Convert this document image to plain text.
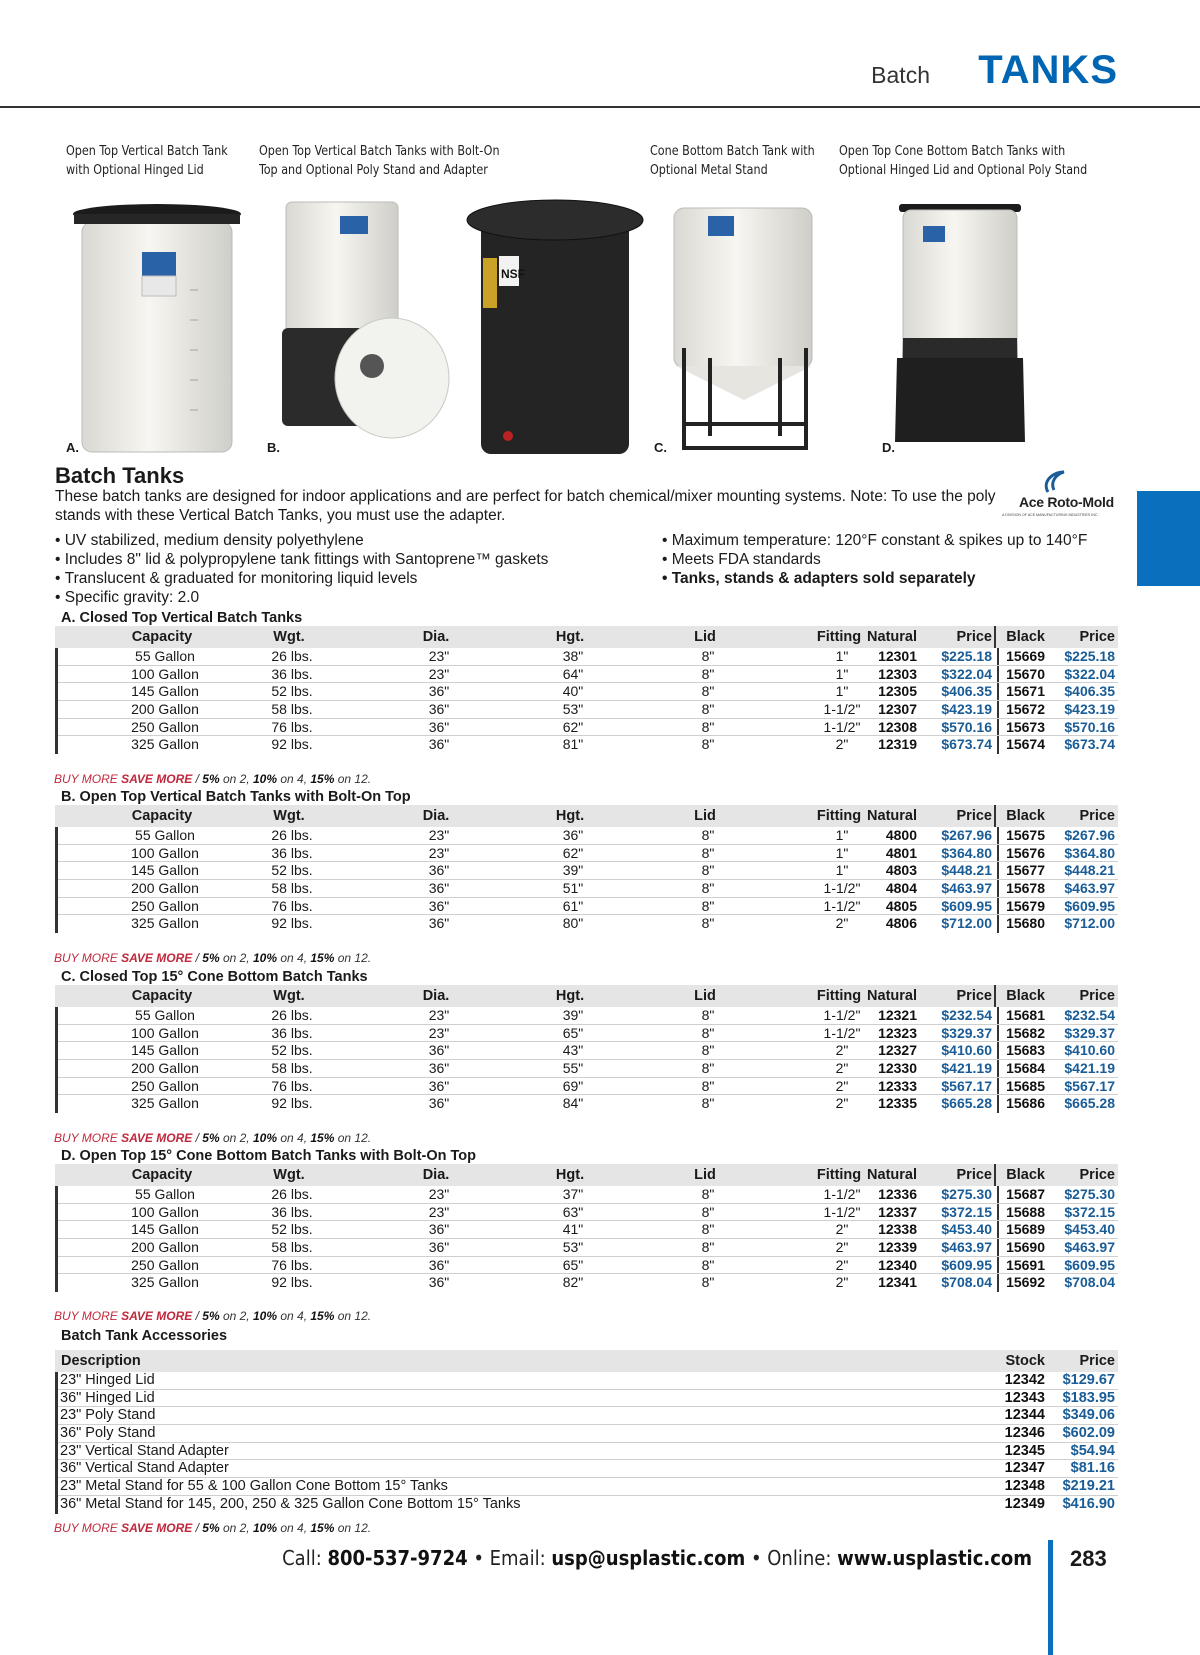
Batch TANKS
Open Top Vertical Batch Tank
with Optional Hinged Lid
Open Top Vertical Batch Tanks with Bolt-On
Top and Optional Poly Stand and Adapter
Cone Bottom Batch Tank with
Optional Metal Stand
Open Top Cone Bottom Batch Tanks with
Optional Hinged Lid and Optional Poly Stand
NSF
A.	B.	C.	D.
Batch Tanks
These batch tanks are designed for indoor applications and are perfect for batch chemical/mixer mounting systems. Note: To use the poly stands with these Vertical Batch Tanks, you must use the adapter.
Ace Roto-Mold
A DIVISION OF ACE MANUFACTURING INDUSTRIES INC.
• UV stabilized, medium density polyethylene
• Includes 8" lid & polypropylene tank fittings with Santoprene™ gaskets
• Translucent & graduated for monitoring liquid levels
• Specific gravity: 2.0
• Maximum temperature: 120°F constant & spikes up to 140°F
• Meets FDA standards
• Tanks, stands & adapters sold separately
A. Closed Top Vertical Batch Tanks
Capacity	Wgt.	Dia.	Hgt.	Lid	Fitting Natural	Price Black Price
55 Gallon	26 lbs.	23"	38"	8"	1" 12301 $225.18 15669 $225.18
100 Gallon	36 lbs.	23"	64"	8"	1" 12303 $322.04 15670 $322.04
145 Gallon	52 lbs.	36"	40"	8"	1" 12305 $406.35 15671 $406.35
200 Gallon	58 lbs.	36"	53"	8"	1-1/2" 12307 $423.19 15672 $423.19
250 Gallon	76 lbs.	36"	62"	8"	1-1/2" 12308 $570.16 15673 $570.16
325 Gallon	92 lbs.	36"	81"	8"	2" 12319 $673.74 15674 $673.74
BUY MORE SAVE MORE / 5% on 2, 10% on 4, 15% on 12.
B. Open Top Vertical Batch Tanks with Bolt-On Top
Capacity	Wgt.	Dia.	Hgt.	Lid	Fitting Natural	Price Black Price
55 Gallon	26 lbs.	23"	36"	8"	1"	4800 $267.96 15675 $267.96
100 Gallon	36 lbs.	23"	62"	8"	1"	4801 $364.80 15676 $364.80
145 Gallon	52 lbs.	36"	39"	8"	1"	4803 $448.21 15677 $448.21
200 Gallon	58 lbs.	36"	51"	8"	1-1/2" 4804 $463.97 15678 $463.97
250 Gallon	76 lbs.	36"	61"	8"	1-1/2" 4805 $609.95 15679 $609.95
325 Gallon	92 lbs.	36"	80"	8"	2"	4806 $712.00 15680 $712.00
BUY MORE SAVE MORE / 5% on 2, 10% on 4, 15% on 12.
C. Closed Top 15° Cone Bottom Batch Tanks
Capacity	Wgt.	Dia.	Hgt.	Lid	Fitting Natural	Price Black Price
55 Gallon	26 lbs.	23"	39"	8"	1-1/2" 12321 $232.54 15681 $232.54
100 Gallon	36 lbs.	23"	65"	8"	1-1/2" 12323 $329.37 15682 $329.37
145 Gallon	52 lbs.	36"	43"	8"	2" 12327 $410.60 15683 $410.60
200 Gallon	58 lbs.	36"	55"	8"	2" 12330 $421.19 15684 $421.19
250 Gallon	76 lbs.	36"	69"	8"	2" 12333 $567.17 15685 $567.17
325 Gallon	92 lbs.	36"	84"	8"	2" 12335 $665.28 15686 $665.28
BUY MORE SAVE MORE / 5% on 2, 10% on 4, 15% on 12.
D. Open Top 15° Cone Bottom Batch Tanks with Bolt-On Top
Capacity	Wgt.	Dia.	Hgt.	Lid	Fitting Natural	Price Black Price
55 Gallon	26 lbs.	23"	37"	8"	1-1/2" 12336 $275.30 15687 $275.30
100 Gallon	36 lbs.	23"	63"	8"	1-1/2" 12337 $372.15 15688 $372.15
145 Gallon	52 lbs.	36"	41"	8"	2" 12338 $453.40 15689 $453.40
200 Gallon	58 lbs.	36"	53"	8"	2" 12339 $463.97 15690 $463.97
250 Gallon	76 lbs.	36"	65"	8"	2" 12340 $609.95 15691 $609.95
325 Gallon	92 lbs.	36"	82"	8"	2" 12341 $708.04 15692 $708.04
BUY MORE SAVE MORE / 5% on 2, 10% on 4, 15% on 12.
Batch Tank Accessories
Description	Stock Price
23" Hinged Lid	12342 $129.67
36" Hinged Lid	12343 $183.95
23" Poly Stand	12344 $349.06
36" Poly Stand	12346 $602.09
23" Vertical Stand Adapter	12345 $54.94
36" Vertical Stand Adapter	12347 $81.16
23" Metal Stand for 55 & 100 Gallon Cone Bottom 15° Tanks	12348 $219.21
36" Metal Stand for 145, 200, 250 & 325 Gallon Cone Bottom 15° Tanks	12349 $416.90
BUY MORE SAVE MORE / 5% on 2, 10% on 4, 15% on 12.
Call: 800-537-9724 • Email: usp@usplastic.com • Online: www.usplastic.com 283
